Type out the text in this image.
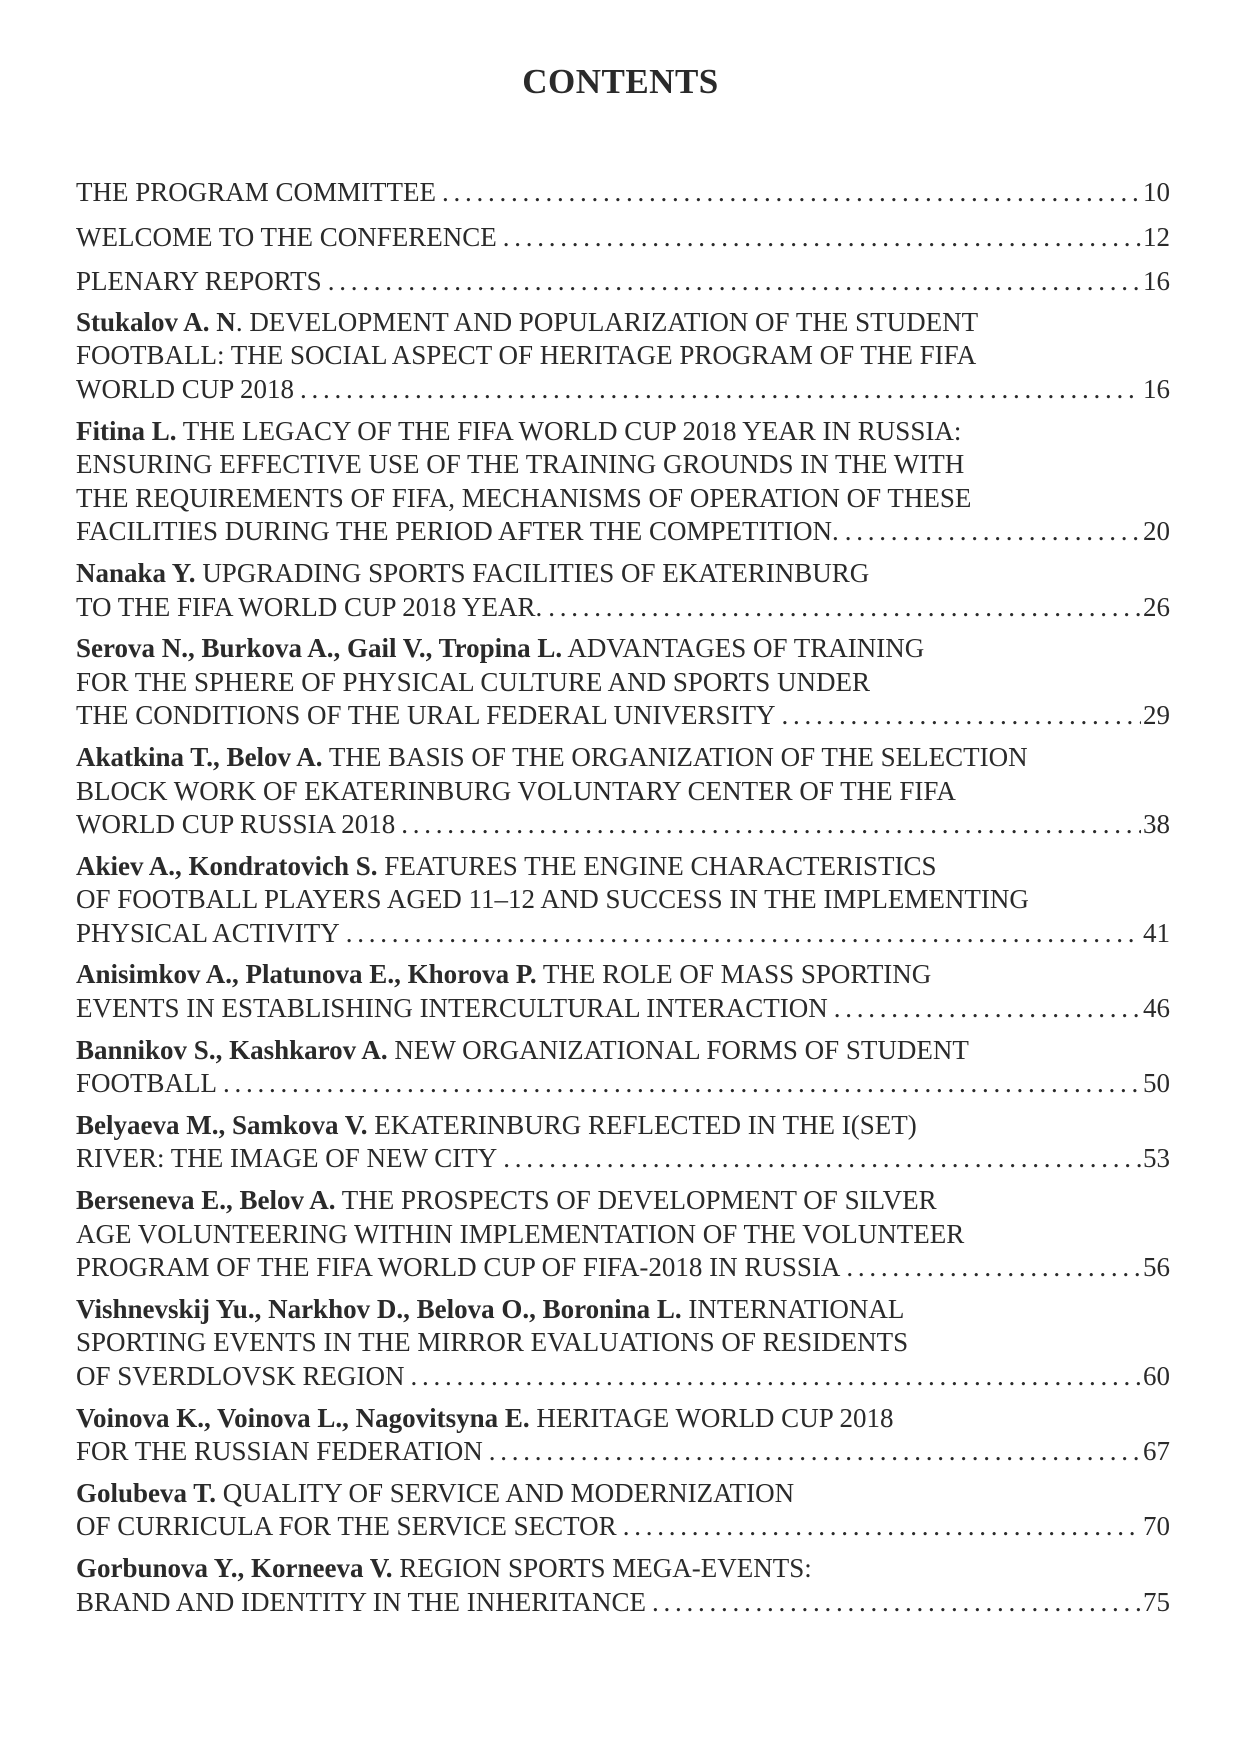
CONTENTS
THE PROGRAM COMMITTEE . . .	10
WELCOME TO THE CONFERENCE . . .	12
PLENARY REPORTS . . .	16
Stukalov A. N. DEVELOPMENT AND POPULARIZATION OF THE STUDENT
FOOTBALL: THE SOCIAL ASPECT OF HERITAGE PROGRAM OF THE FIFA
WORLD CUP 2018 . . .	16
Fitina L. THE LEGACY OF THE FIFA WORLD CUP 2018 YEAR IN RUSSIA:
ENSURING EFFECTIVE USE OF THE TRAINING GROUNDS IN THE WITH
THE REQUIREMENTS OF FIFA, MECHANISMS OF OPERATION OF THESE
FACILITIES DURING THE PERIOD AFTER THE COMPETITION. . . .	20
Nanaka Y. UPGRADING SPORTS FACILITIES OF EKATERINBURG
TO THE FIFA WORLD CUP 2018 YEAR. . . .	26
Serova N., Burkova A., Gail V., Tropina L. ADVANTAGES OF TRAINING
FOR THE SPHERE OF PHYSICAL CULTURE AND SPORTS UNDER
THE CONDITIONS OF THE URAL FEDERAL UNIVERSITY . . .	29
Akatkina T., Belov A. THE BASIS OF THE ORGANIZATION OF THE SELECTION
BLOCK WORK OF EKATERINBURG VOLUNTARY CENTER OF THE FIFA
WORLD CUP RUSSIA 2018 . . .	38
Akiev A., Kondratovich S. FEATURES THE ENGINE CHARACTERISTICS
OF FOOTBALL PLAYERS AGED 11–12 AND SUCCESS IN THE IMPLEMENTING
PHYSICAL ACTIVITY . . .	41
Anisimkov A., Platunova E., Khorova P. THE ROLE OF MASS SPORTING
EVENTS IN ESTABLISHING INTERCULTURAL INTERACTION . . .	46
Bannikov S., Kashkarov A. NEW ORGANIZATIONAL FORMS OF STUDENT
FOOTBALL . . .	50
Belyaeva M., Samkova V. EKATERINBURG REFLECTED IN THE I(SET)
RIVER: THE IMAGE OF NEW CITY . . .	53
Berseneva E., Belov A. THE PROSPECTS OF DEVELOPMENT OF SILVER
AGE VOLUNTEERING WITHIN IMPLEMENTATION OF THE VOLUNTEER
PROGRAM OF THE FIFA WORLD CUP OF FIFA-2018 IN RUSSIA . . .	56
Vishnevskij Yu., Narkhov D., Belova O., Boronina L. INTERNATIONAL
SPORTING EVENTS IN THE MIRROR EVALUATIONS OF RESIDENTS
OF SVERDLOVSK REGION . . .	60
Voinova K., Voinova L., Nagovitsyna E. HERITAGE WORLD CUP 2018
FOR THE RUSSIAN FEDERATION . . .	67
Golubeva T. QUALITY OF SERVICE AND MODERNIZATION
OF CURRICULA FOR THE SERVICE SECTOR . . .	70
Gorbunova Y., Korneeva V. REGION SPORTS MEGA-EVENTS:
BRAND AND IDENTITY IN THE INHERITANCE . . .	75
